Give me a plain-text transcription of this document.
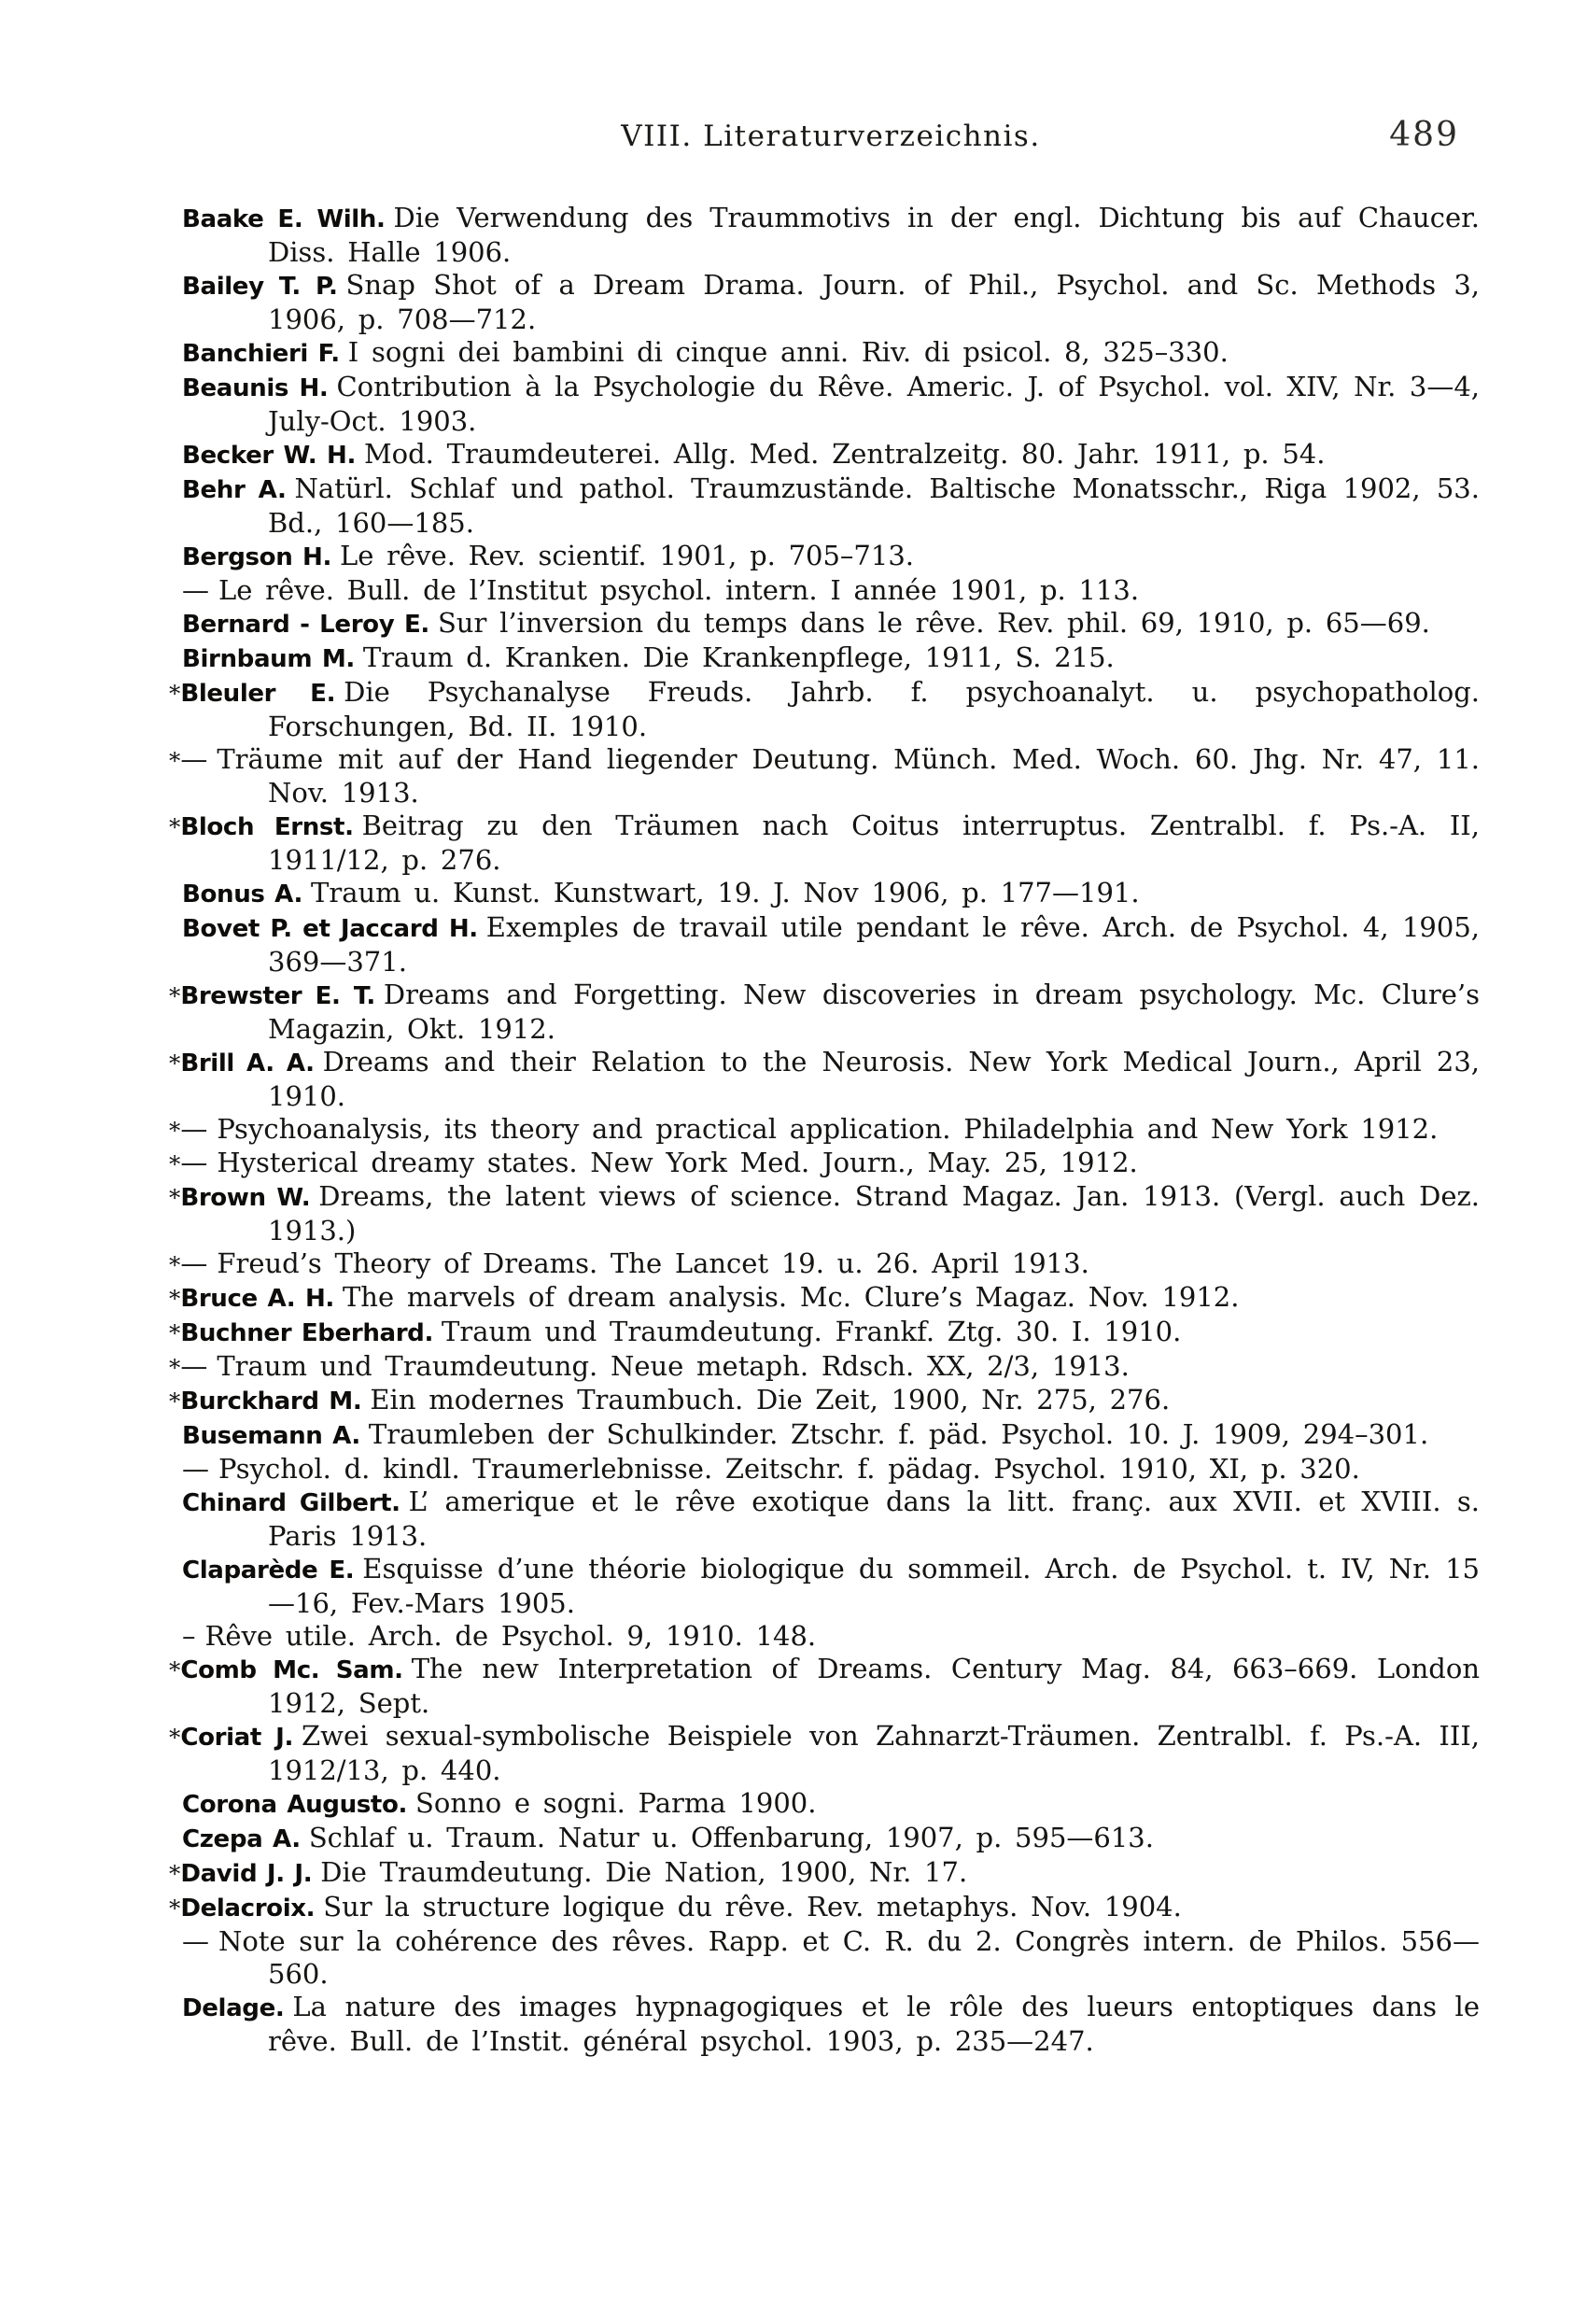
VIII. Literaturverzeichnis.	489
Baake E. Wilh. Die Verwendung des Traummotivs in der engl. Dichtung bis auf Chaucer. Diss. Halle 1906.
Bailey T. P. Snap Shot of a Dream Drama. Journ. of Phil., Psychol. and Sc. Methods 3, 1906, p. 708—712.
Banchieri F. I sogni dei bambini di cinque anni. Riv. di psicol. 8, 325–330.
Beaunis H. Contribution à la Psychologie du Rêve. Americ. J. of Psychol. vol. XIV, Nr. 3—4, July-Oct. 1903.
Becker W. H. Mod. Traumdeuterei. Allg. Med. Zentralzeitg. 80. Jahr. 1911, p. 54.
Behr A. Natürl. Schlaf und pathol. Traumzustände. Baltische Monatsschr., Riga 1902, 53. Bd., 160—185.
Bergson H. Le rêve. Rev. scientif. 1901, p. 705–713.
— Le rêve. Bull. de l’Institut psychol. intern. I année 1901, p. 113.
Bernard - Leroy E. Sur l’inversion du temps dans le rêve. Rev. phil. 69, 1910, p. 65—69.
Birnbaum M. Traum d. Kranken. Die Krankenpflege, 1911, S. 215.
*Bleuler E. Die Psychanalyse Freuds. Jahrb. f. psychoanalyt. u. psychopatholog. Forschungen, Bd. II. 1910.
*— Träume mit auf der Hand liegender Deutung. Münch. Med. Woch. 60. Jhg. Nr. 47, 11. Nov. 1913.
*Bloch Ernst. Beitrag zu den Träumen nach Coitus interruptus. Zentralbl. f. Ps.-A. II, 1911/12, p. 276.
Bonus A. Traum u. Kunst. Kunstwart, 19. J. Nov 1906, p. 177—191.
Bovet P. et Jaccard H. Exemples de travail utile pendant le rêve. Arch. de Psychol. 4, 1905, 369—371.
*Brewster E. T. Dreams and Forgetting. New discoveries in dream psychology. Mc. Clure’s Magazin, Okt. 1912.
*Brill A. A. Dreams and their Relation to the Neurosis. New York Medical Journ., April 23, 1910.
*— Psychoanalysis, its theory and practical application. Philadelphia and New York 1912.
*— Hysterical dreamy states. New York Med. Journ., May. 25, 1912.
*Brown W. Dreams, the latent views of science. Strand Magaz. Jan. 1913. (Vergl. auch Dez. 1913.)
*— Freud’s Theory of Dreams. The Lancet 19. u. 26. April 1913.
*Bruce A. H. The marvels of dream analysis. Mc. Clure’s Magaz. Nov. 1912.
*Buchner Eberhard. Traum und Traumdeutung. Frankf. Ztg. 30. I. 1910.
*— Traum und Traumdeutung. Neue metaph. Rdsch. XX, 2/3, 1913.
*Burckhard M. Ein modernes Traumbuch. Die Zeit, 1900, Nr. 275, 276.
Busemann A. Traumleben der Schulkinder. Ztschr. f. päd. Psychol. 10. J. 1909, 294–301.
— Psychol. d. kindl. Traumerlebnisse. Zeitschr. f. pädag. Psychol. 1910, XI, p. 320.
Chinard Gilbert. L’ amerique et le rêve exotique dans la litt. franç. aux XVII. et XVIII. s. Paris 1913.
Claparède E. Esquisse d’une théorie biologique du sommeil. Arch. de Psychol. t. IV, Nr. 15—16, Fev.-Mars 1905.
– Rêve utile. Arch. de Psychol. 9, 1910. 148.
*Comb Mc. Sam. The new Interpretation of Dreams. Century Mag. 84, 663–669. London 1912, Sept.
*Coriat J. Zwei sexual-symbolische Beispiele von Zahnarzt-Träumen. Zentralbl. f. Ps.-A. III, 1912/13, p. 440.
Corona Augusto. Sonno e sogni. Parma 1900.
Czepa A. Schlaf u. Traum. Natur u. Offenbarung, 1907, p. 595—613.
*David J. J. Die Traumdeutung. Die Nation, 1900, Nr. 17.
*Delacroix. Sur la structure logique du rêve. Rev. metaphys. Nov. 1904.
— Note sur la cohérence des rêves. Rapp. et C. R. du 2. Congrès intern. de Philos. 556—560.
Delage. La nature des images hypnagogiques et le rôle des lueurs entoptiques dans le rêve. Bull. de l’Instit. général psychol. 1903, p. 235—247.
